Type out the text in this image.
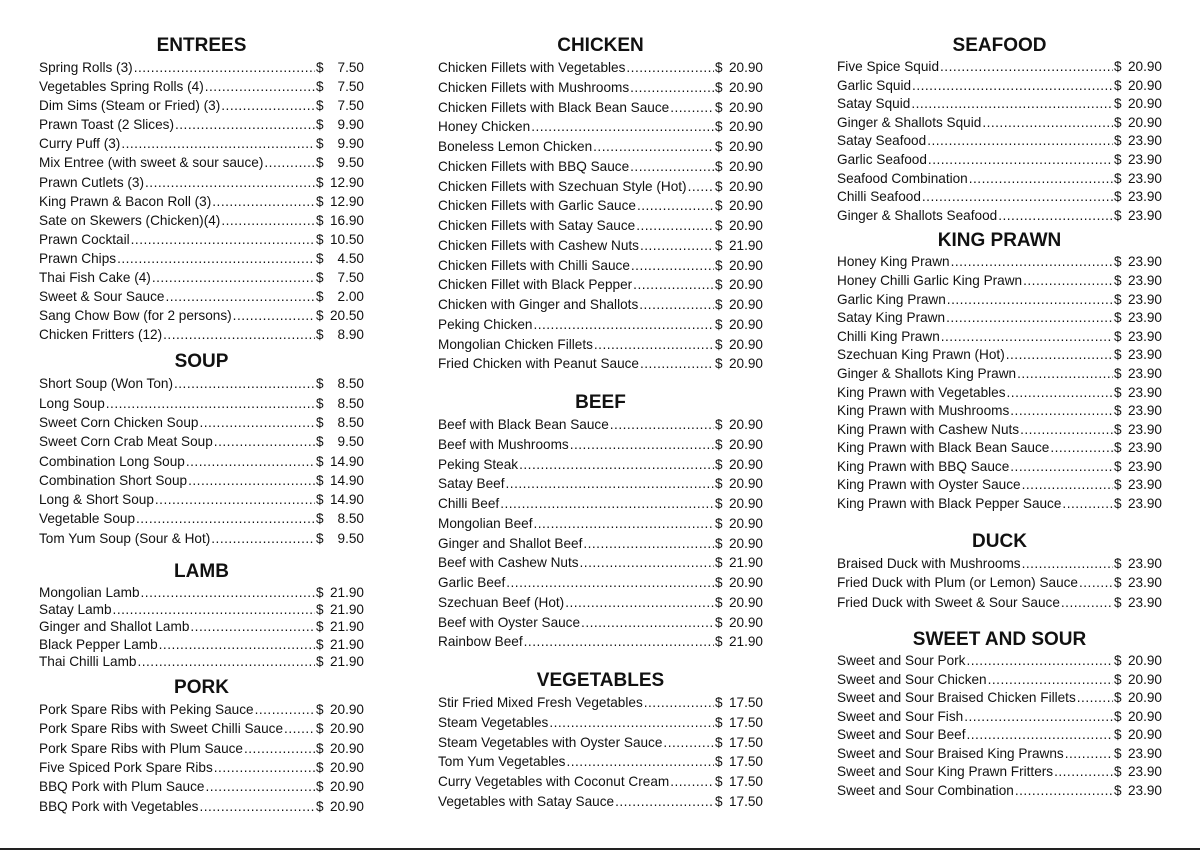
ENTREES
Spring Rolls (3) .....	$	7.50
Vegetables Spring Rolls (4) .....	$	7.50
Dim Sims (Steam or Fried) (3) .....	$	7.50
Prawn Toast (2 Slices) .....	$	9.90
Curry Puff (3) .....	$	9.90
Mix Entree (with sweet & sour sauce) .....	$	9.50
Prawn Cutlets (3) .....	$ 12.90
King Prawn & Bacon Roll (3) .....	$ 12.90
Sate on Skewers (Chicken)(4) .....	$ 16.90
Prawn Cocktail .....	$ 10.50
Prawn Chips .....	$	4.50
Thai Fish Cake (4) .....	$	7.50
Sweet & Sour Sauce .....	$	2.00
Sang Chow Bow (for 2 persons) .....	$ 20.50
Chicken Fritters (12) .....	$	8.90
SOUP
Short Soup (Won Ton) .....	$	8.50
Long Soup .....	$	8.50
Sweet Corn Chicken Soup .....	$	8.50
Sweet Corn Crab Meat Soup .....	$	9.50
Combination Long Soup .....	$ 14.90
Combination Short Soup .....	$ 14.90
Long & Short Soup .....	$ 14.90
Vegetable Soup .....	$	8.50
Tom Yum Soup (Sour & Hot) .....	$	9.50
LAMB
Mongolian Lamb .....	$ 21.90
Satay Lamb .....	$ 21.90
Ginger and Shallot Lamb .....	$ 21.90
Black Pepper Lamb .....	$ 21.90
Thai Chilli Lamb .....	$ 21.90
PORK
Pork Spare Ribs with Peking Sauce .....	$ 20.90
Pork Spare Ribs with Sweet Chilli Sauce ..... $ 20.90
Pork Spare Ribs with Plum Sauce .....	$ 20.90
Five Spiced Pork Spare Ribs .....	$ 20.90
BBQ Pork with Plum Sauce .....	$ 20.90
BBQ Pork with Vegetables .....	$ 20.90
CHICKEN
Chicken Fillets with Vegetables .....	$ 20.90
Chicken Fillets with Mushrooms .....	$ 20.90
Chicken Fillets with Black Bean Sauce .....	$ 20.90
Honey Chicken .....	$ 20.90
Boneless Lemon Chicken .....	$ 20.90
Chicken Fillets with BBQ Sauce .....	$ 20.90
Chicken Fillets with Szechuan Style (Hot) ..... $ 20.90
Chicken Fillets with Garlic Sauce .....	$ 20.90
Chicken Fillets with Satay Sauce .....	$ 20.90
Chicken Fillets with Cashew Nuts .....	$ 21.90
Chicken Fillets with Chilli Sauce .....	$ 20.90
Chicken Fillet with Black Pepper .....	$ 20.90
Chicken with Ginger and Shallots .....	$ 20.90
Peking Chicken .....	$ 20.90
Mongolian Chicken Fillets .....	$ 20.90
Fried Chicken with Peanut Sauce .....	$ 20.90
BEEF
Beef with Black Bean Sauce .....	$ 20.90
Beef with Mushrooms .....	$ 20.90
Peking Steak .....	$ 20.90
Satay Beef .....	$ 20.90
Chilli Beef .....	$ 20.90
Mongolian Beef .....	$ 20.90
Ginger and Shallot Beef .....	$ 20.90
Beef with Cashew Nuts .....	$ 21.90
Garlic Beef .....	$ 20.90
Szechuan Beef (Hot) .....	$ 20.90
Beef with Oyster Sauce .....	$ 20.90
Rainbow Beef .....	$ 21.90
VEGETABLES
Stir Fried Mixed Fresh Vegetables .....	$ 17.50
Steam Vegetables .....	$ 17.50
Steam Vegetables with Oyster Sauce .....	$ 17.50
Tom Yum Vegetables .....	$ 17.50
Curry Vegetables with Coconut Cream .....	$ 17.50
Vegetables with Satay Sauce .....	$ 17.50
SEAFOOD
Five Spice Squid .....	$ 20.90
Garlic Squid .....	$ 20.90
Satay Squid .....	$ 20.90
Ginger & Shallots Squid .....	$ 20.90
Satay Seafood .....	$ 23.90
Garlic Seafood .....	$ 23.90
Seafood Combination .....	$ 23.90
Chilli Seafood .....	$ 23.90
Ginger & Shallots Seafood .....	$ 23.90
KING PRAWN
Honey King Prawn .....	$ 23.90
Honey Chilli Garlic King Prawn .....	$ 23.90
Garlic King Prawn .....	$ 23.90
Satay King Prawn .....	$ 23.90
Chilli King Prawn .....	$ 23.90
Szechuan King Prawn (Hot) .....	$ 23.90
Ginger & Shallots King Prawn .....	$ 23.90
King Prawn with Vegetables .....	$ 23.90
King Prawn with Mushrooms .....	$ 23.90
King Prawn with Cashew Nuts .....	$ 23.90
King Prawn with Black Bean Sauce .....	$ 23.90
King Prawn with BBQ Sauce .....	$ 23.90
King Prawn with Oyster Sauce .....	$ 23.90
King Prawn with Black Pepper Sauce .....	$ 23.90
DUCK
Braised Duck with Mushrooms .....	$ 23.90
Fried Duck with Plum (or Lemon) Sauce .....	$ 23.90
Fried Duck with Sweet & Sour Sauce .....	$ 23.90
SWEET AND SOUR
Sweet and Sour Pork .....	$ 20.90
Sweet and Sour Chicken .....	$ 20.90
Sweet and Sour Braised Chicken Fillets .....	$ 20.90
Sweet and Sour Fish .....	$ 20.90
Sweet and Sour Beef .....	$ 20.90
Sweet and Sour Braised King Prawns .....	$ 23.90
Sweet and Sour King Prawn Fritters .....	$ 23.90
Sweet and Sour Combination .....	$ 23.90
